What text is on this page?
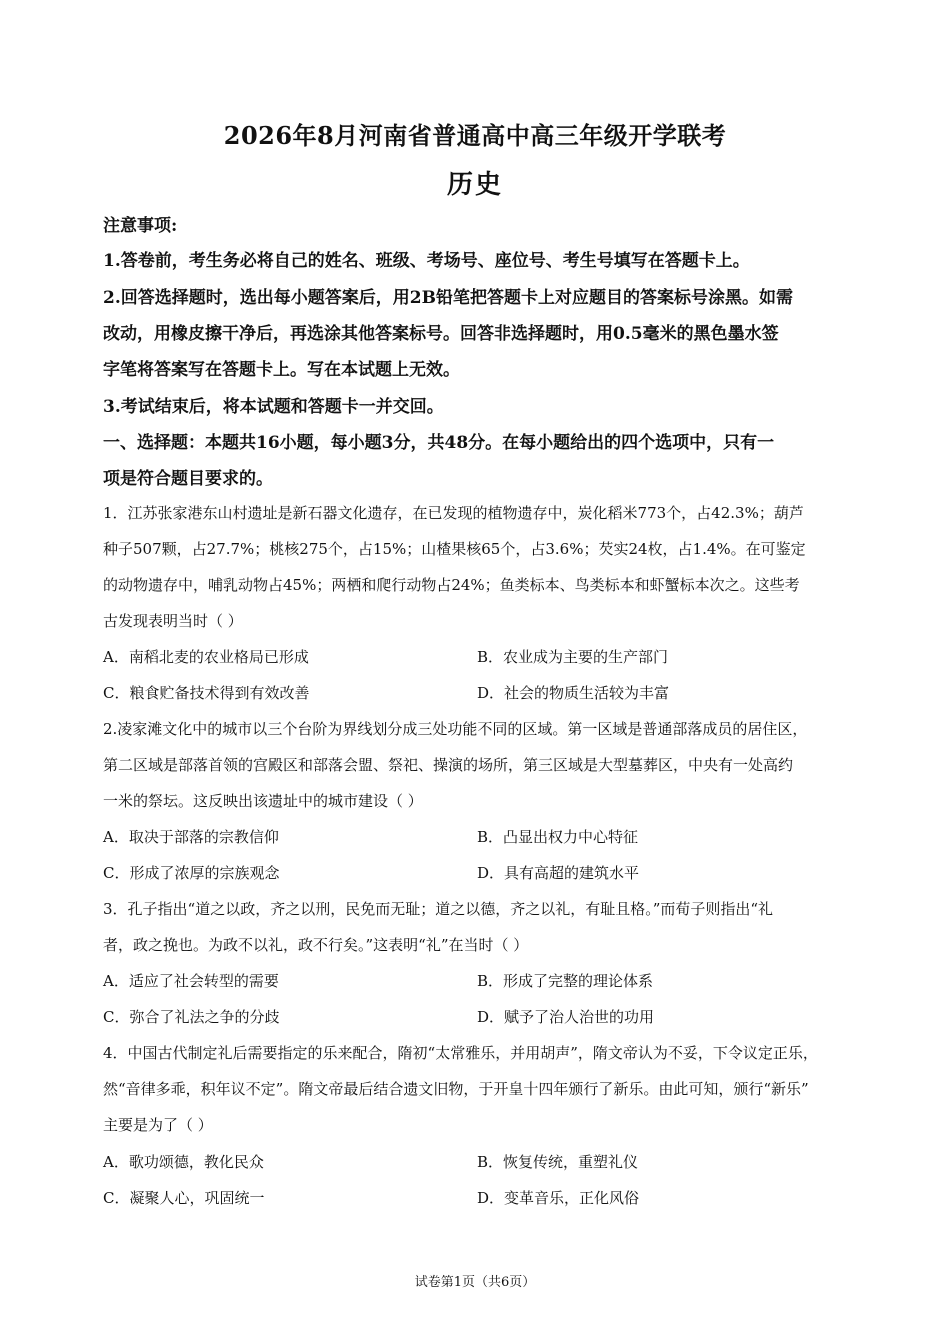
2026年8月河南省普通高中高三年级开学联考
历史
注意事项:
1.答卷前，考生务必将自己的姓名、班级、考场号、座位号、考生号填写在答题卡上。
2.回答选择题时，选出每小题答案后，用2B铅笔把答题卡上对应题目的答案标号涂黑。如需
改动，用橡皮擦干净后，再选涂其他答案标号。回答非选择题时，用0.5毫米的黑色墨水签
字笔将答案写在答题卡上。写在本试题上无效。
3.考试结束后，将本试题和答题卡一并交回。
一、选择题：本题共16小题，每小题3分，共48分。在每小题给出的四个选项中，只有一
项是符合题目要求的。
1．江苏张家港东山村遗址是新石器文化遗存，在已发现的植物遗存中，炭化稻米773个，占42.3%；葫芦
种子507颗，占27.7%；桃核275个，占15%；山楂果核65个，占3.6%；芡实24枚，占1.4%。在可鉴定
的动物遗存中，哺乳动物占45%；两栖和爬行动物占24%；鱼类标本、鸟类标本和虾蟹标本次之。这些考
古发现表明当时（ ）
A．南稻北麦的农业格局已形成	B．农业成为主要的生产部门
C．粮食贮备技术得到有效改善	D．社会的物质生活较为丰富
2.凌家滩文化中的城市以三个台阶为界线划分成三处功能不同的区域。第一区域是普通部落成员的居住区，
第二区域是部落首领的宫殿区和部落会盟、祭祀、操演的场所，第三区域是大型墓葬区，中央有一处高约
一米的祭坛。这反映出该遗址中的城市建设（ ）
A．取决于部落的宗教信仰	B．凸显出权力中心特征
C．形成了浓厚的宗族观念	D．具有高超的建筑水平
3．孔子指出“道之以政，齐之以刑，民免而无耻；道之以德，齐之以礼，有耻且格。”而荀子则指出“礼
者，政之挽也。为政不以礼，政不行矣。”这表明“礼”在当时（ ）
A．适应了社会转型的需要	B．形成了完整的理论体系
C．弥合了礼法之争的分歧	D．赋予了治人治世的功用
4．中国古代制定礼后需要指定的乐来配合，隋初“太常雅乐，并用胡声”，隋文帝认为不妥，下令议定正乐，
然“音律多乖，积年议不定”。隋文帝最后结合遗文旧物，于开皇十四年颁行了新乐。由此可知，颁行“新乐”
主要是为了（ ）
A．歌功颂德，教化民众	B．恢复传统，重塑礼仪
C．凝聚人心，巩固统一	D．变革音乐，正化风俗
试卷第1页（共6页）
